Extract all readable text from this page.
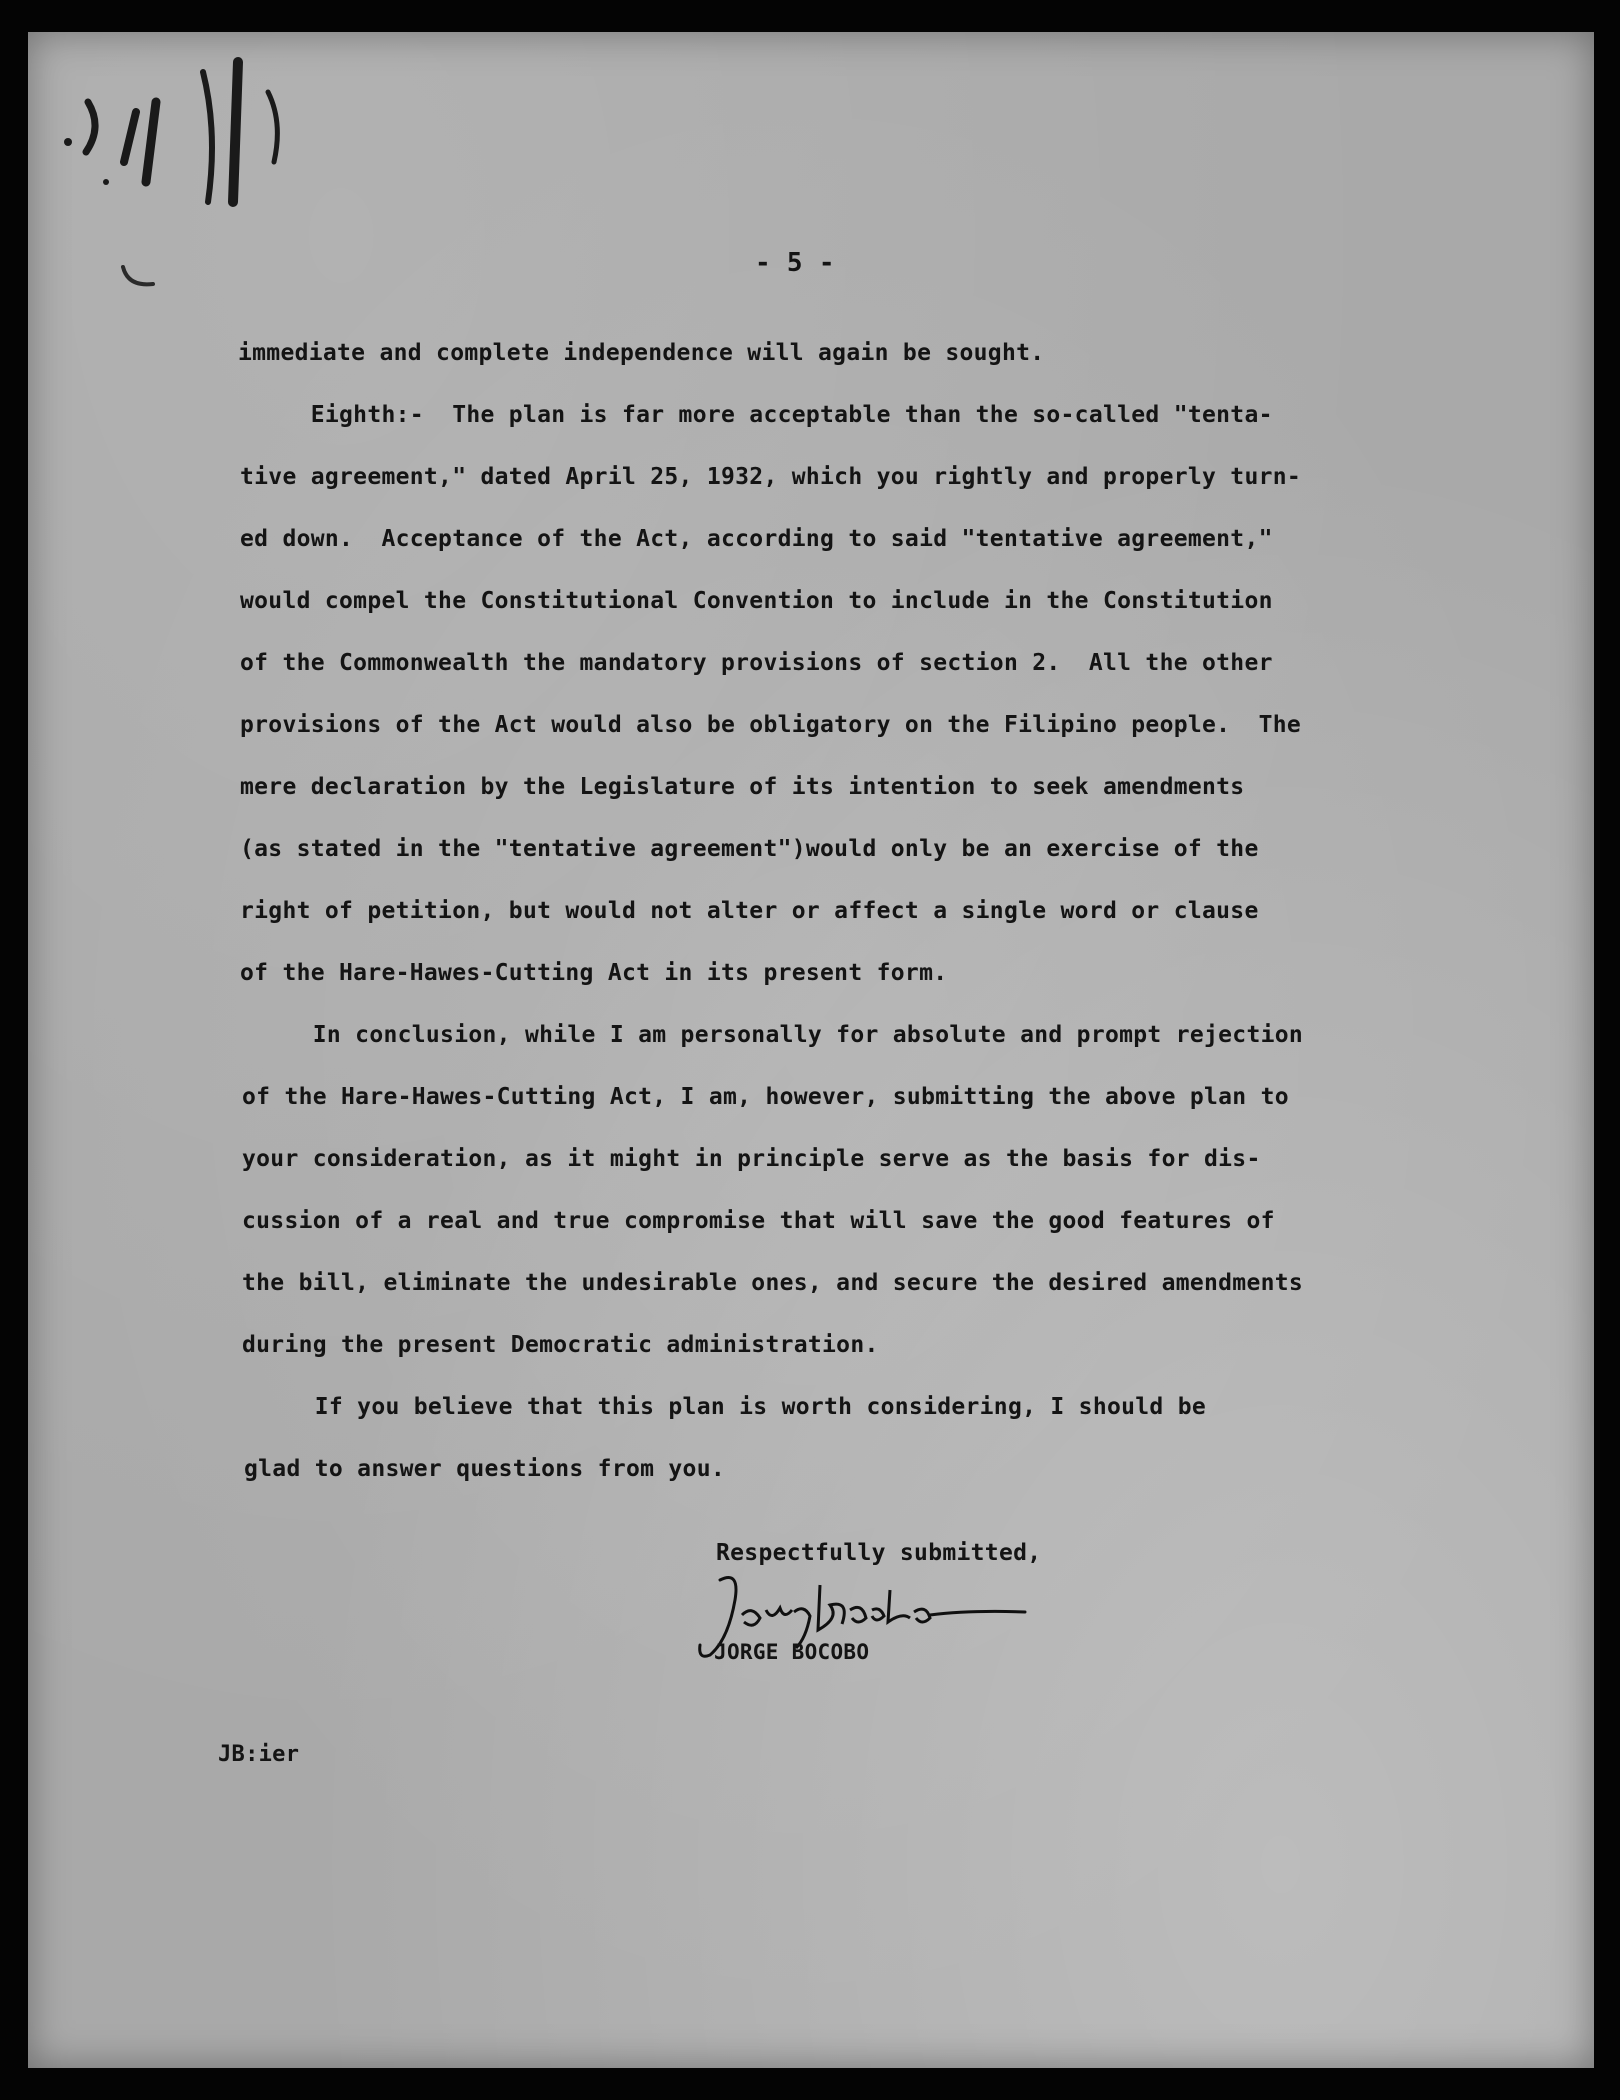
- 5 -
immediate and complete independence will again be sought.
Eighth:-  The plan is far more acceptable than the so-called "tenta-
tive agreement," dated April 25, 1932, which you rightly and properly turn-
ed down.  Acceptance of the Act, according to said "tentative agreement,"
would compel the Constitutional Convention to include in the Constitution
of the Commonwealth the mandatory provisions of section 2.  All the other
provisions of the Act would also be obligatory on the Filipino people.  The
mere declaration by the Legislature of its intention to seek amendments
(as stated in the "tentative agreement")would only be an exercise of the
right of petition, but would not alter or affect a single word or clause
of the Hare-Hawes-Cutting Act in its present form.
In conclusion, while I am personally for absolute and prompt rejection
of the Hare-Hawes-Cutting Act, I am, however, submitting the above plan to
your consideration, as it might in principle serve as the basis for dis-
cussion of a real and true compromise that will save the good features of
the bill, eliminate the undesirable ones, and secure the desired amendments
during the present Democratic administration.
If you believe that this plan is worth considering, I should be
glad to answer questions from you.
Respectfully submitted,
JORGE BOCOBO
JB:ier
